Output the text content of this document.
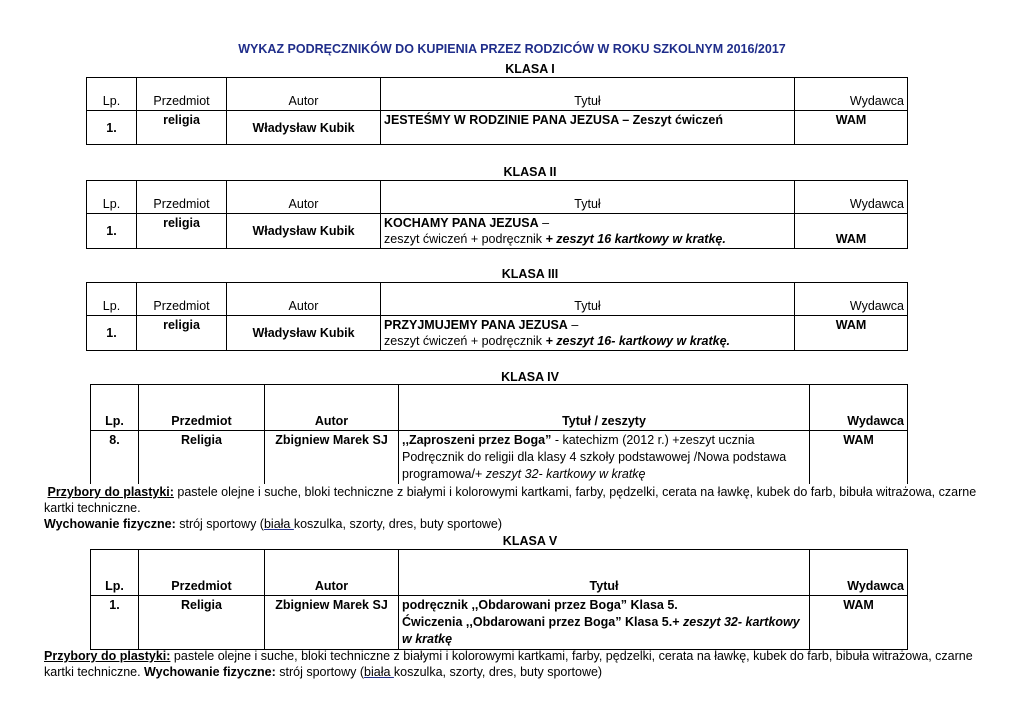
WYKAZ PODRĘCZNIKÓW DO KUPIENIA PRZEZ RODZICÓW W ROKU SZKOLNYM 2016/2017
KLASA I
Lp.	Przedmiot	Autor	Tytuł	Wydawca
1.	religia	Władysław Kubik	JESTEŚMY W RODZINIE PANA JEZUSA – Zeszyt ćwiczeń	WAM
KLASA II
Lp.	Przedmiot	Autor	Tytuł	Wydawca
1.	religia	Władysław Kubik	KOCHAMY PANA JEZUSA –
zeszyt ćwiczeń + podręcznik + zeszyt 16 kartkowy w kratkę.	WAM
KLASA III
Lp.	Przedmiot	Autor	Tytuł	Wydawca
1.	religia	Władysław Kubik	PRZYJMUJEMY PANA JEZUSA –
zeszyt ćwiczeń + podręcznik + zeszyt 16- kartkowy w kratkę.	WAM
KLASA IV
Lp.	Przedmiot	Autor	Tytuł / zeszyty	Wydawca
8.	Religia	Zbigniew Marek SJ	,,Zaproszeni przez Boga” - katechizm (2012 r.) +zeszyt ucznia
Podręcznik do religii dla klasy 4 szkoły podstawowej /Nowa podstawa programowa/+ zeszyt 32- kartkowy w kratkę	WAM
Przybory do plastyki: pastele olejne i suche, bloki techniczne z białymi i kolorowymi kartkami, farby, pędzelki, cerata na ławkę, kubek do farb, bibuła witrażowa, czarne kartki techniczne.
Wychowanie fizyczne: strój sportowy (biała koszulka, szorty, dres, buty sportowe)
KLASA V
Lp.	Przedmiot	Autor	Tytuł	Wydawca
1.	Religia	Zbigniew Marek SJ	podręcznik ,,Obdarowani przez Boga” Klasa 5.
Ćwiczenia ,,Obdarowani przez Boga” Klasa 5.+ zeszyt 32- kartkowy w kratkę	WAM
Przybory do plastyki: pastele olejne i suche, bloki techniczne z białymi i kolorowymi kartkami, farby, pędzelki, cerata na ławkę, kubek do farb, bibuła witrażowa, czarne kartki techniczne. Wychowanie fizyczne: strój sportowy (biała koszulka, szorty, dres, buty sportowe)
